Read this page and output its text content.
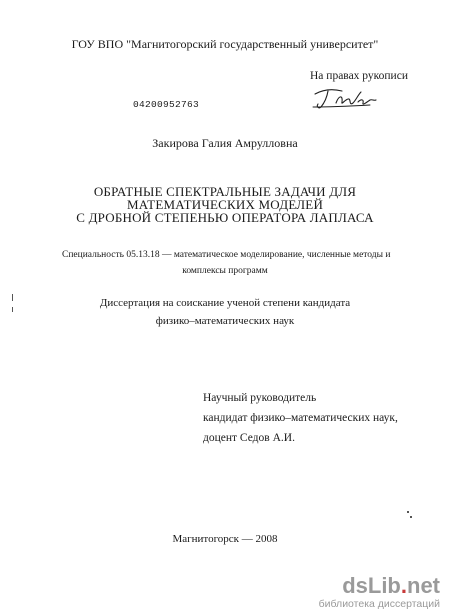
ГОУ ВПО "Магнитогорский государственный университет"
На правах рукописи
04200952763
Закирова Галия Амрулловна
ОБРАТНЫЕ СПЕКТРАЛЬНЫЕ ЗАДАЧИ ДЛЯ
МАТЕМАТИЧЕСКИХ МОДЕЛЕЙ
С ДРОБНОЙ СТЕПЕНЬЮ ОПЕРАТОРА ЛАПЛАСА
Специальность 05.13.18 — математическое моделирование, численные методы и
комплексы программ
Диссертация на соискание ученой степени кандидата
физико–математических наук
Научный руководитель
кандидат физико–математических наук,
доцент Седов А.И.
Магнитогорск — 2008
dsLib.net
библиотека диссертаций
